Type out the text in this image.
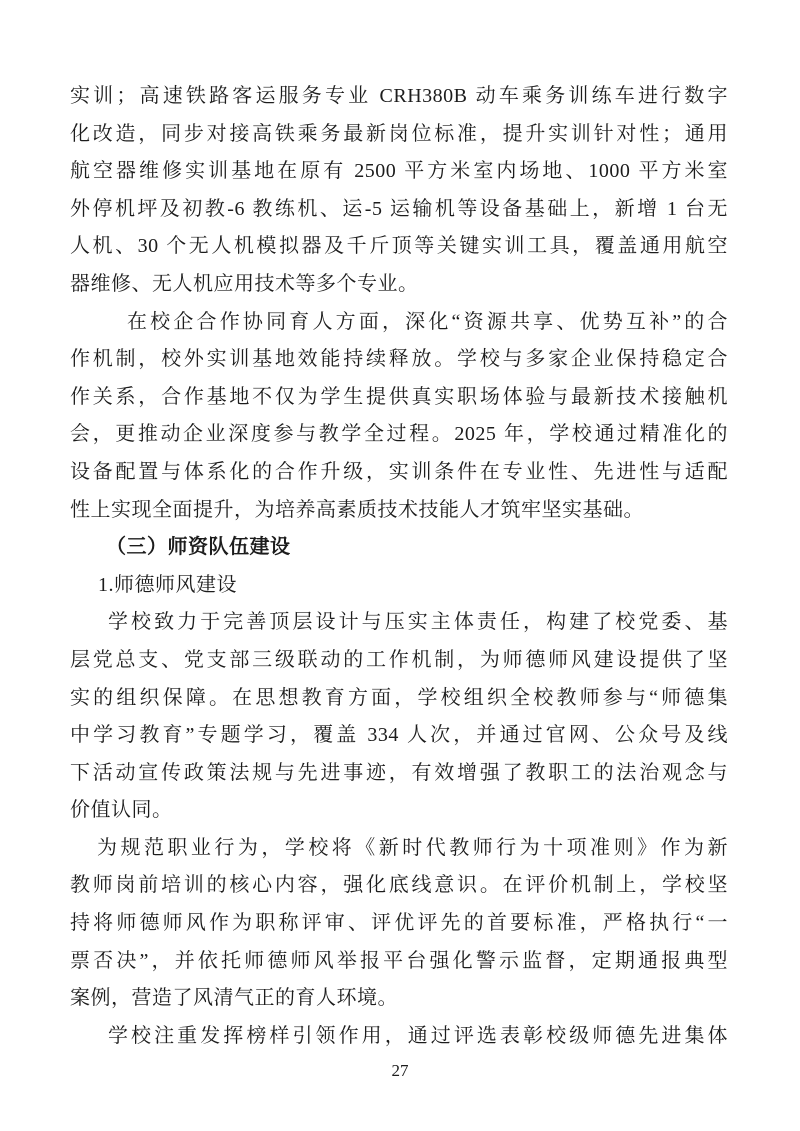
实训；高速铁路客运服务专业 CRH380B 动车乘务训练车进行数字
化改造，同步对接高铁乘务最新岗位标准，提升实训针对性；通用
航空器维修实训基地在原有 2500 平方米室内场地、1000 平方米室
外停机坪及初教-6 教练机、运-5 运输机等设备基础上，新增 1 台无
人机、30 个无人机模拟器及千斤顶等关键实训工具，覆盖通用航空
器维修、无人机应用技术等多个专业。
在校企合作协同育人方面，深化“资源共享、优势互补”的合
作机制，校外实训基地效能持续释放。学校与多家企业保持稳定合
作关系，合作基地不仅为学生提供真实职场体验与最新技术接触机
会，更推动企业深度参与教学全过程。2025 年，学校通过精准化的
设备配置与体系化的合作升级，实训条件在专业性、先进性与适配
性上实现全面提升，为培养高素质技术技能人才筑牢坚实基础。
（三）师资队伍建设
1.师德师风建设
学校致力于完善顶层设计与压实主体责任，构建了校党委、基
层党总支、党支部三级联动的工作机制，为师德师风建设提供了坚
实的组织保障。在思想教育方面，学校组织全校教师参与“师德集
中学习教育”专题学习，覆盖 334 人次，并通过官网、公众号及线
下活动宣传政策法规与先进事迹，有效增强了教职工的法治观念与
价值认同。
为规范职业行为，学校将《新时代教师行为十项准则》作为新
教师岗前培训的核心内容，强化底线意识。在评价机制上，学校坚
持将师德师风作为职称评审、评优评先的首要标准，严格执行“一
票否决”，并依托师德师风举报平台强化警示监督，定期通报典型
案例，营造了风清气正的育人环境。
学校注重发挥榜样引领作用，通过评选表彰校级师德先进集体
27
